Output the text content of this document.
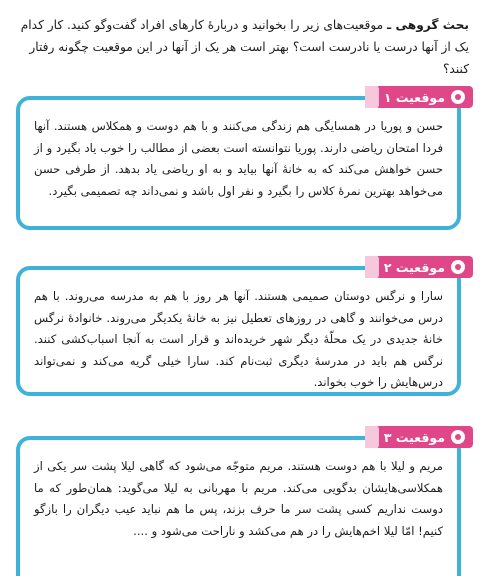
بحث گروهی ـ موقعیت‌های زیر را بخوانید و دربارهٔ کارهای افراد گفت‌وگو کنید. کار کدام یک از آنها درست یا نادرست است؟ بهتر است هر یک از آنها در این موقعیت چگونه رفتار کنند؟
حسن و پوریا در همسایگی هم زندگی می‌کنند و با هم دوست و همکلاس هستند. آنها فردا امتحان ریاضی دارند. پوریا نتوانسته است بعضی از مطالب را خوب یاد بگیرد و از حسن خواهش می‌کند که به خانهٔ آنها بیاید و به او ریاضی یاد بدهد. از طرفی حسن می‌خواهد بهترین نمرهٔ کلاس را بگیرد و نفر اول باشد و نمی‌داند چه تصمیمی بگیرد.
موقعیت ۱
سارا و نرگس دوستان صمیمی هستند. آنها هر روز با هم به مدرسه می‌روند. با هم درس می‌خوانند و گاهی در روزهای تعطیل نیز به خانهٔ یکدیگر می‌روند. خانوادهٔ نرگس خانهٔ جدیدی در یک محلّهٔ دیگر شهر خریده‌اند و قرار است به آنجا اسباب‌کشی کنند. نرگس هم باید در مدرسهٔ دیگری ثبت‌نام کند. سارا خیلی گریه می‌کند و نمی‌تواند درس‌هایش را خوب بخواند.
موقعیت ۲
مریم و لیلا با هم دوست هستند. مریم متوجّه می‌شود که گاهی لیلا پشت سر یکی از همکلاسی‌هایشان بدگویی می‌کند. مریم با مهربانی به لیلا می‌گوید: همان‌طور که ما دوست نداریم کسی پشت سر ما حرف بزند، پس ما هم نباید عیب دیگران را بازگو کنیم! امّا لیلا اخم‌هایش را در هم می‌کشد و ناراحت می‌شود و ....
موقعیت ۳
